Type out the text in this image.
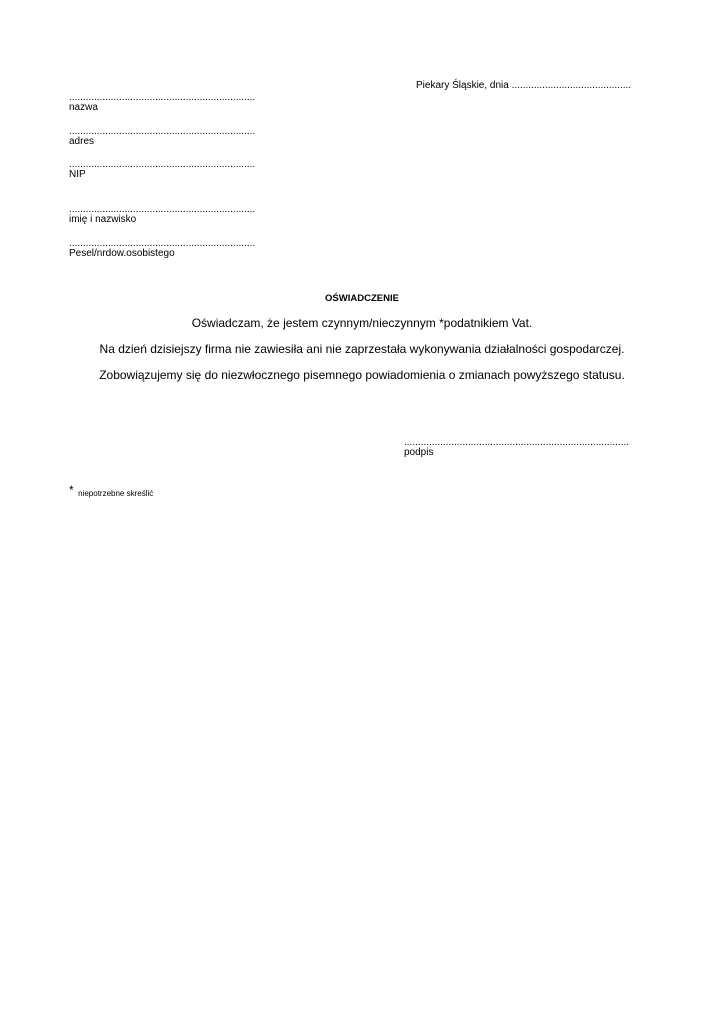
Piekary Śląskie, dnia ...........................................
...................................................................
nazwa
...................................................................
adres
...................................................................
NIP
...................................................................
imię i nazwisko
...................................................................
Pesel/nrdow.osobistego
OŚWIADCZENIE
Oświadczam, że jestem czynnym/nieczynnym *podatnikiem Vat.
Na dzień dzisiejszy firma nie zawiesiła ani nie zaprzestała wykonywania działalności gospodarczej.
Zobowiązujemy się do niezwłocznego pisemnego powiadomienia o zmianach powyższego statusu.
.................................................................................
podpis
* niepotrzebne skreślić
